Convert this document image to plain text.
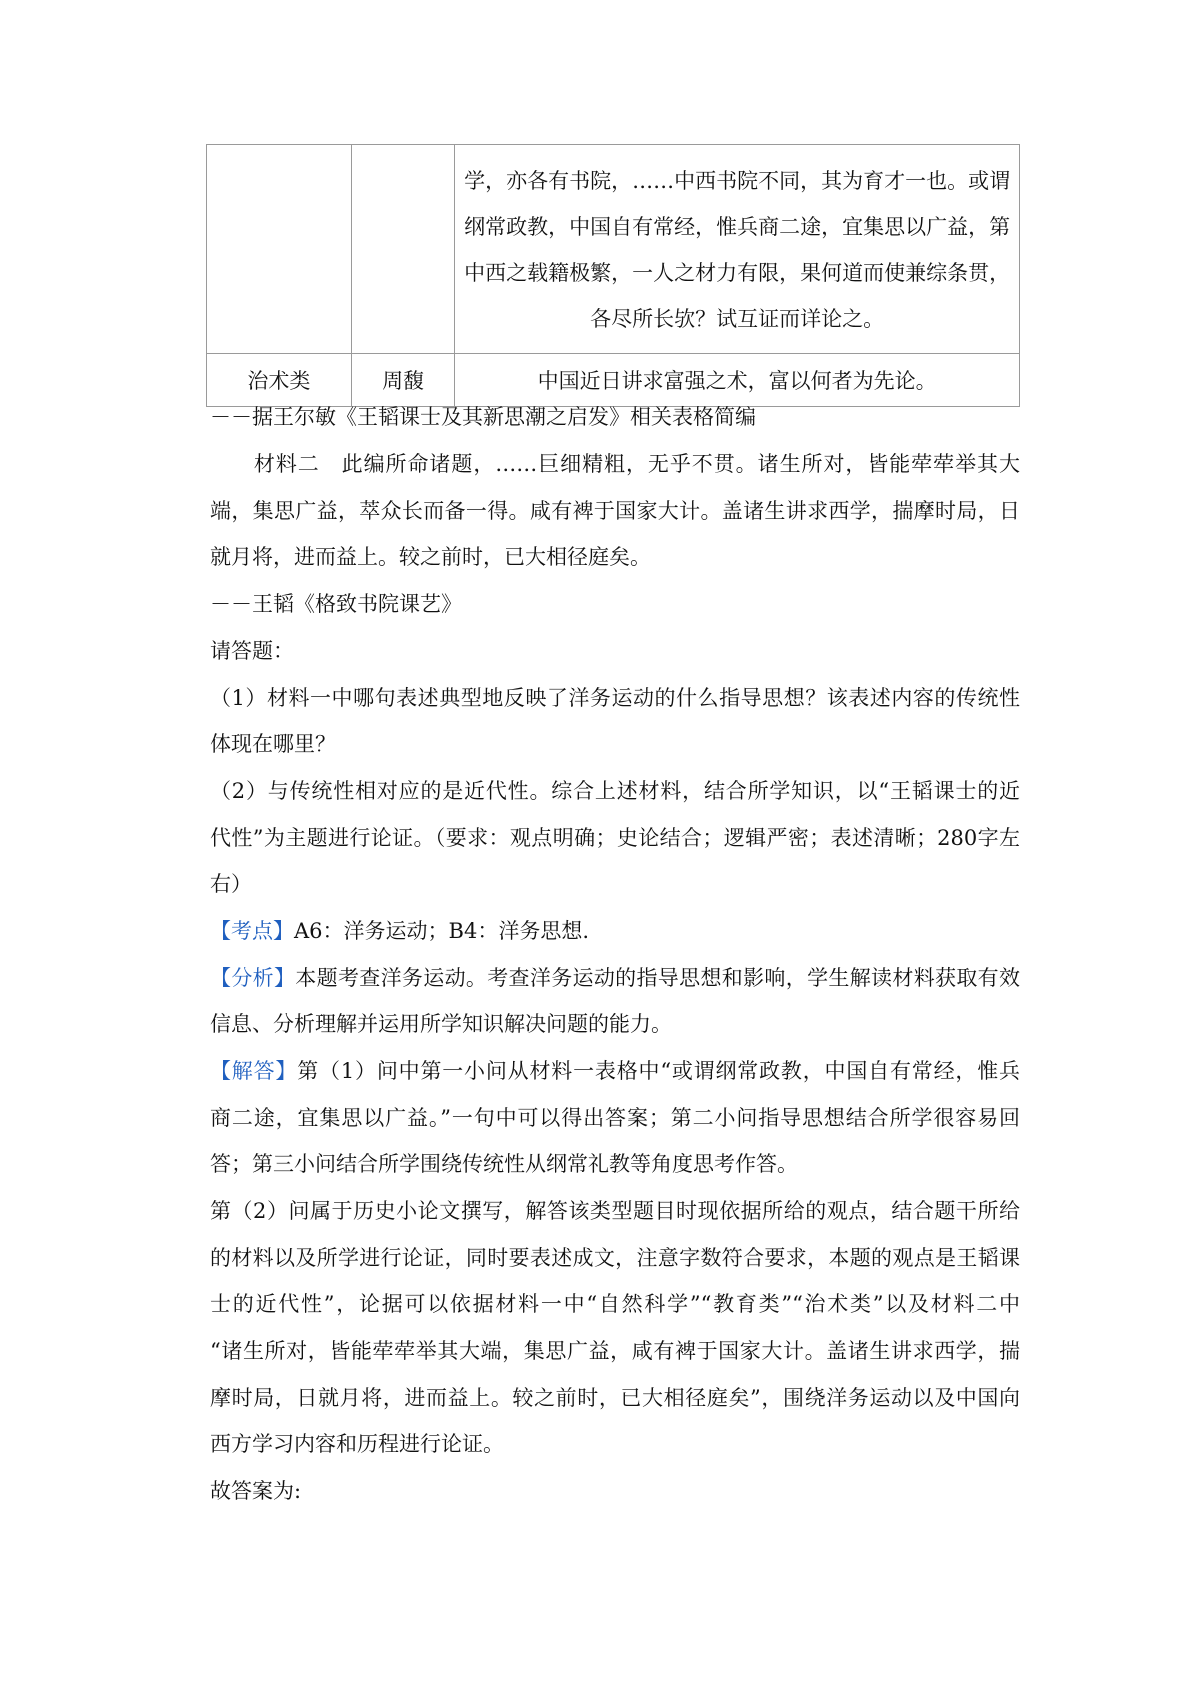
		学，亦各有书院，……中西书院不同，其为育才一也。或谓
纲常政教，中国自有常经，惟兵商二途，宜集思以广益，第
中西之载籍极繁，一人之材力有限，果何道而使兼综条贯，
各尽所长欤？试互证而详论之。

治术类	周馥	中国近日讲求富强之术，富以何者为先论。
－－据王尔敏《王韬课士及其新思潮之启发》相关表格简编
　　材料二　此编所命诸题，……巨细精粗，无乎不贯。诸生所对，皆能荦荦举其大
端，集思广益，萃众长而备一得。咸有裨于国家大计。盖诸生讲求西学，揣摩时局，日
就月将，进而益上。较之前时，已大相径庭矣。
－－王韬《格致书院课艺》
请答题：
（1）材料一中哪句表述典型地反映了洋务运动的什么指导思想？该表述内容的传统性
体现在哪里？
（2）与传统性相对应的是近代性。综合上述材料，结合所学知识，以“王韬课士的近
代性”为主题进行论证。（要求：观点明确；史论结合；逻辑严密；表述清晰；280字左
右）
【考点】A6：洋务运动；B4：洋务思想.
【分析】本题考查洋务运动。考查洋务运动的指导思想和影响，学生解读材料获取有效
信息、分析理解并运用所学知识解决问题的能力。
【解答】第（1）问中第一小问从材料一表格中“或谓纲常政教，中国自有常经，惟兵
商二途，宜集思以广益。”一句中可以得出答案；第二小问指导思想结合所学很容易回
答；第三小问结合所学围绕传统性从纲常礼教等角度思考作答。
第（2）问属于历史小论文撰写，解答该类型题目时现依据所给的观点，结合题干所给
的材料以及所学进行论证，同时要表述成文，注意字数符合要求，本题的观点是王韬课
士的近代性”，论据可以依据材料一中“自然科学”“教育类”“治术类”以及材料二中
“诸生所对，皆能荦荦举其大端，集思广益，咸有裨于国家大计。盖诸生讲求西学，揣
摩时局，日就月将，进而益上。较之前时，已大相径庭矣”，围绕洋务运动以及中国向
西方学习内容和历程进行论证。
故答案为:
